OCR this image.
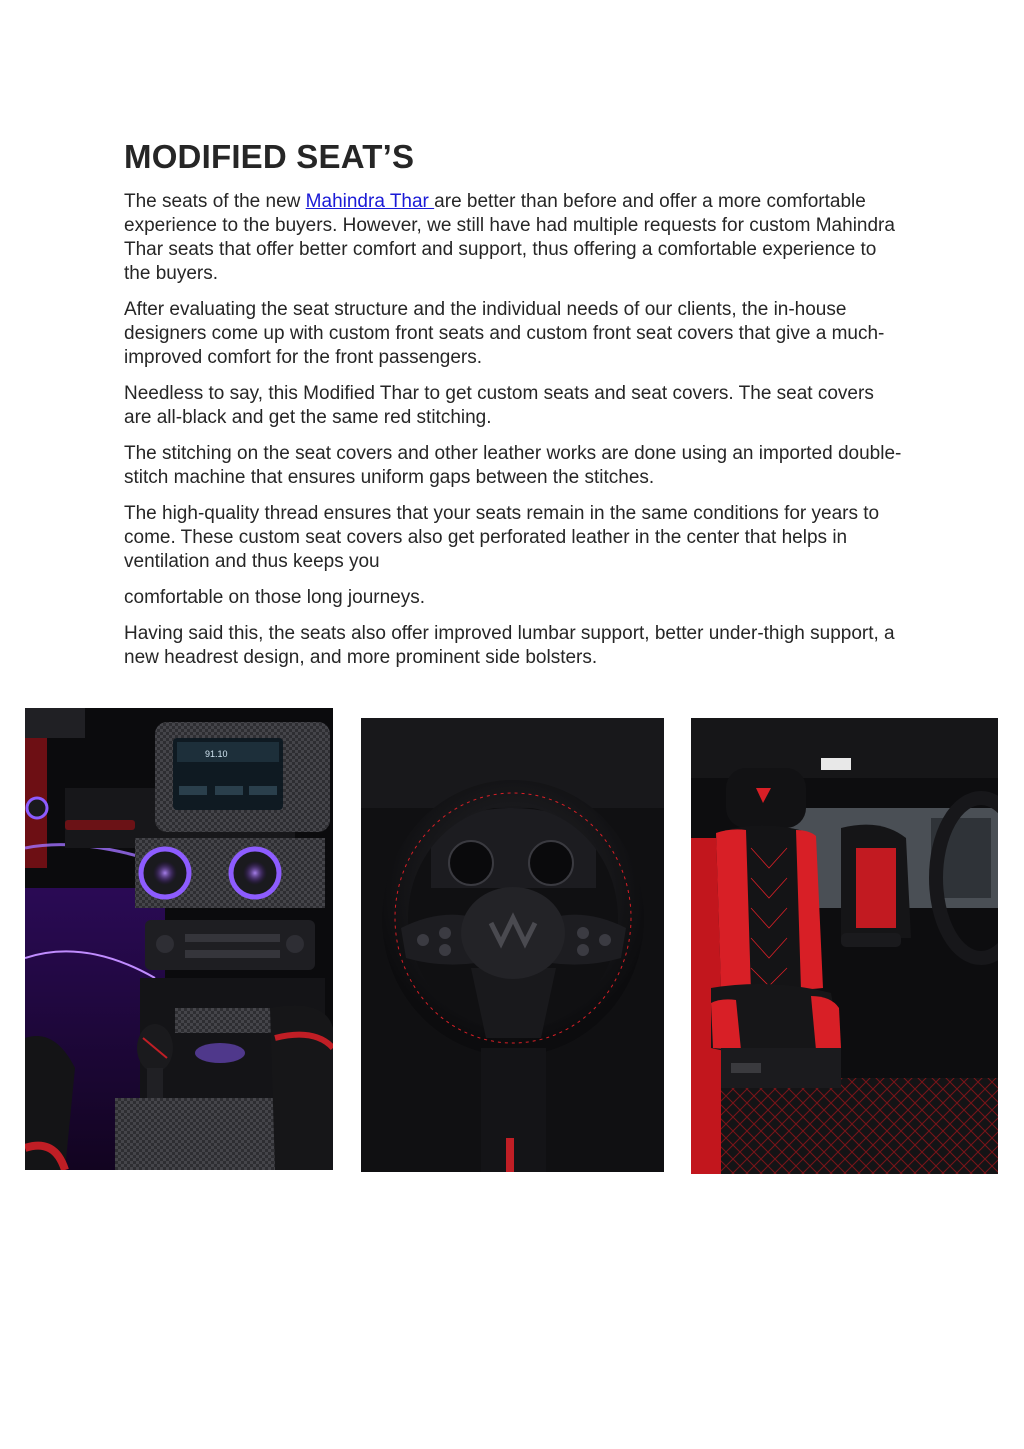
MODIFIED SEAT’S

The seats of the new Mahindra Thar are better than before and offer a more comfortable experience to the buyers. However, we still have had multiple requests for custom Mahindra Thar seats that offer better comfort and support, thus offering a comfortable experience to the buyers.

After evaluating the seat structure and the individual needs of our clients, the in-house designers come up with custom front seats and custom front seat covers that give a much-improved comfort for the front passengers.

Needless to say, this Modified Thar to get custom seats and seat covers. The seat covers are all-black and get the same red stitching.

The stitching on the seat covers and other leather works are done using an imported double-stitch machine that ensures uniform gaps between the stitches.

The high-quality thread ensures that your seats remain in the same conditions for years to come. These custom seat covers also get perforated leather in the center that helps in ventilation and thus keeps you

comfortable on those long journeys.

Having said this, the seats also offer improved lumbar support, better under-thigh support, a new headrest design, and more prominent side bolsters.

91.10
